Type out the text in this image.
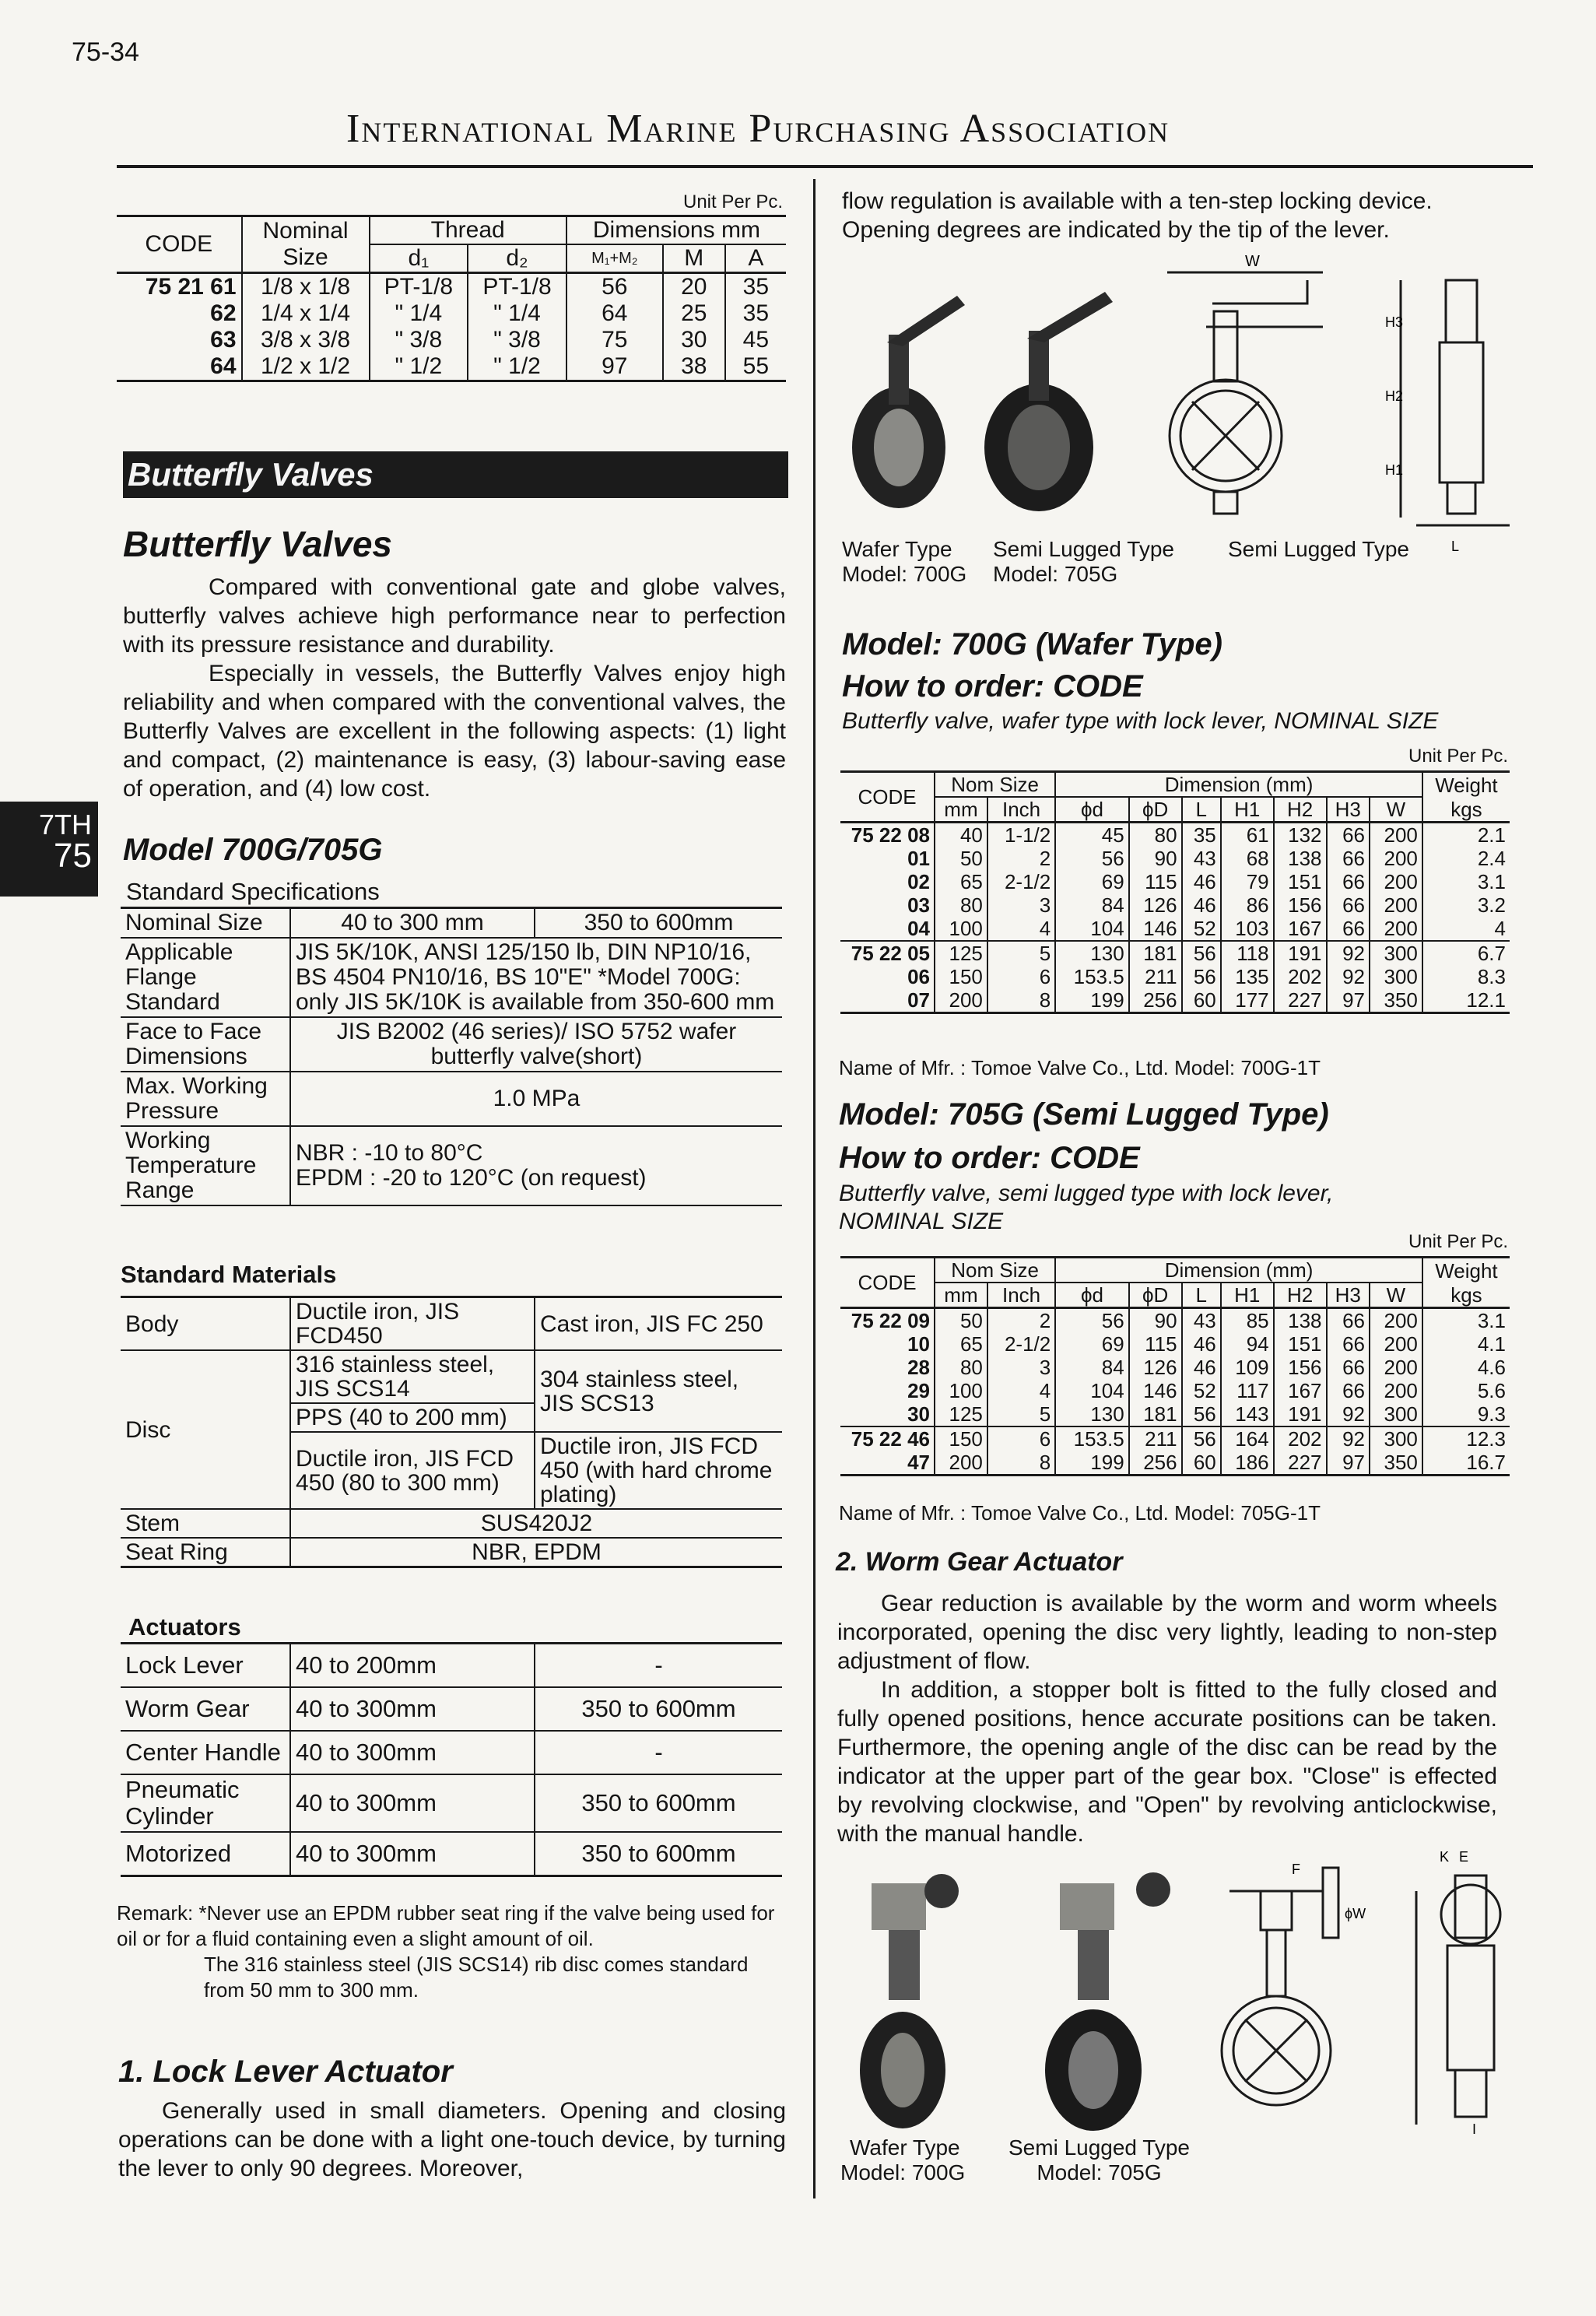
75-34
International Marine Purchasing Association
7TH
75
Unit Per Pc.
CODE	Nominal Size	Thread		Dimensions mm		
		d₁	d₂	M₁+M₂	M	A
75 21 61	1/8 x 1/8	PT-1/8	PT-1/8	56	20	35
62	1/4 x 1/4	" 1/4	" 1/4	64	25	35
63	3/8 x 3/8	" 3/8	" 3/8	75	30	45
64	1/2 x 1/2	" 1/2	" 1/2	97	38	55
Butterfly Valves
Butterfly Valves
Compared with conventional gate and globe valves, butterfly valves achieve high performance near to perfection with its pressure resistance and durability.
Especially in vessels, the Butterfly Valves enjoy high reliability and when compared with the conventional valves, the Butterfly Valves are excellent in the following aspects: (1) light and compact, (2) maintenance is easy, (3) labour-saving ease of operation, and (4) low cost.
Model 700G/705G
Standard Specifications
Nominal Size	40 to 300 mm	350 to 600mm
Applicable Flange Standard	JIS 5K/10K, ANSI 125/150 lb, DIN NP10/16, BS 4504 PN10/16, BS 10"E" *Model 700G: only JIS 5K/10K is available from 350-600 mm	
Face to Face Dimensions	JIS B2002 (46 series)/ ISO 5752 wafer butterfly valve(short)	
Max. Working Pressure	1.0 MPa	
Working Temperature Range	NBR : -10 to 80°C
EPDM : -20 to 120°C (on request)	
Standard Materials
Body	Ductile iron, JIS FCD450	Cast iron, JIS FC 250
Disc	316 stainless steel, JIS SCS14	304 stainless steel, JIS SCS13
	PPS (40 to 200 mm)	
	Ductile iron, JIS FCD 450 (80 to 300 mm)	Ductile iron, JIS FCD 450 (with hard chrome plating)
Stem	SUS420J2	
Seat Ring	NBR, EPDM	
Actuators
Lock Lever	40 to 200mm	-
Worm Gear	40 to 300mm	350 to 600mm
Center Handle	40 to 300mm	-
Pneumatic Cylinder	40 to 300mm	350 to 600mm
Motorized	40 to 300mm	350 to 600mm
Remark: *Never use an EPDM rubber seat ring if the valve being used for oil or for a fluid containing even a slight amount of oil.
The 316 stainless steel (JIS SCS14) rib disc comes standard from 50 mm to 300 mm.
1. Lock Lever Actuator
Generally used in small diameters. Opening and closing operations can be done with a light one-touch device, by turning the lever to only 90 degrees. Moreover,
flow regulation is available with a ten-step locking device. Opening degrees are indicated by the tip of the lever.
W
H3
H2
H1
L
Wafer Type
Model: 700G
Semi Lugged Type
Model: 705G
Semi Lugged Type
Model: 700G (Wafer Type)
How to order: CODE
Butterfly valve, wafer type with lock lever, NOMINAL SIZE
Unit Per Pc.
CODE	Nom Size		Dimension (mm)							Weight
	mm	Inch	ϕd	ϕD	L	H1	H2	H3	W	kgs
75 22 08	40	1-1/2	45	80	35	61	132	66	200	2.1
01	50	2	56	90	43	68	138	66	200	2.4
02	65	2-1/2	69	115	46	79	151	66	200	3.1
03	80	3	84	126	46	86	156	66	200	3.2
04	100	4	104	146	52	103	167	66	200	4
75 22 05	125	5	130	181	56	118	191	92	300	6.7
06	150	6	153.5	211	56	135	202	92	300	8.3
07	200	8	199	256	60	177	227	97	350	12.1
Name of Mfr. : Tomoe Valve Co., Ltd. Model: 700G-1T
Model: 705G (Semi Lugged Type)
How to order: CODE
Butterfly valve, semi lugged type with lock lever, NOMINAL SIZE
Unit Per Pc.
CODE	Nom Size		Dimension (mm)							Weight
	mm	Inch	ϕd	ϕD	L	H1	H2	H3	W	kgs
75 22 09	50	2	56	90	43	85	138	66	200	3.1
10	65	2-1/2	69	115	46	94	151	66	200	4.1
28	80	3	84	126	46	109	156	66	200	4.6
29	100	4	104	146	52	117	167	66	200	5.6
30	125	5	130	181	56	143	191	92	300	9.3
75 22 46	150	6	153.5	211	56	164	202	92	300	12.3
47	200	8	199	256	60	186	227	97	350	16.7
Name of Mfr. : Tomoe Valve Co., Ltd. Model: 705G-1T
2. Worm Gear Actuator
Gear reduction is available by the worm and worm wheels incorporated, opening the disc very lightly, leading to non-step adjustment of flow.
In addition, a stopper bolt is fitted to the fully closed and fully opened positions, hence accurate positions can be taken. Furthermore, the opening angle of the disc can be read by the indicator at the upper part of the gear box. "Close" is effected by revolving clockwise, and "Open" by revolving anticlockwise, with the manual handle.
K E
F
ϕW
I
Wafer Type
Model: 700G
Semi Lugged Type
Model: 705G
